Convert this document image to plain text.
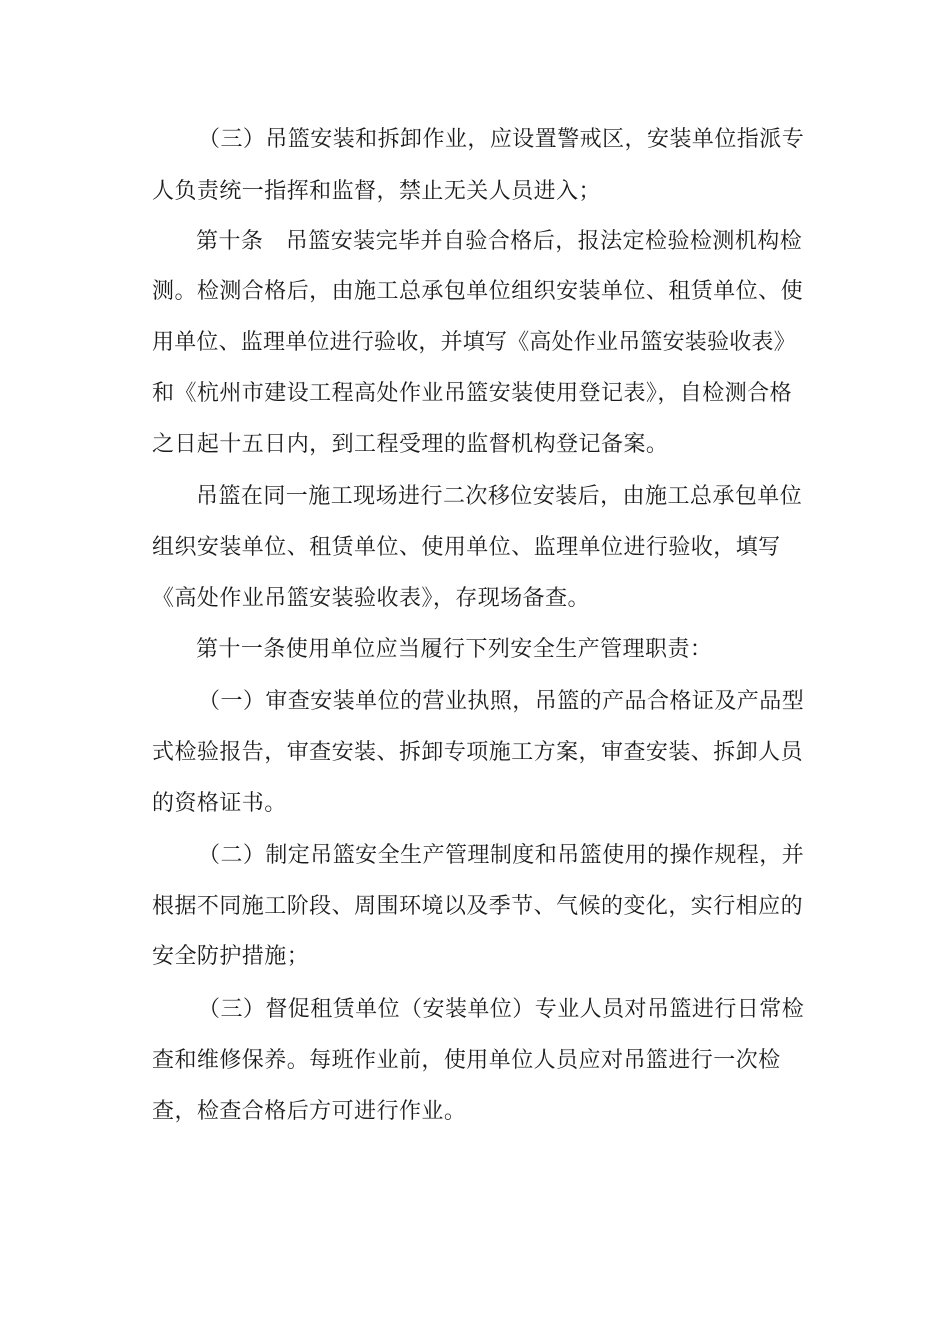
（三）吊篮安装和拆卸作业，应设置警戒区，安装单位指派专
人负责统一指挥和监督，禁止无关人员进入；
第十条　吊篮安装完毕并自验合格后，报法定检验检测机构检
测。检测合格后，由施工总承包单位组织安装单位、租赁单位、使
用单位、监理单位进行验收，并填写《高处作业吊篮安装验收表》
和《杭州市建设工程高处作业吊篮安装使用登记表》，自检测合格
之日起十五日内，到工程受理的监督机构登记备案。
吊篮在同一施工现场进行二次移位安装后，由施工总承包单位
组织安装单位、租赁单位、使用单位、监理单位进行验收，填写
《高处作业吊篮安装验收表》，存现场备查。
第十一条使用单位应当履行下列安全生产管理职责：
（一）审查安装单位的营业执照，吊篮的产品合格证及产品型
式检验报告，审查安装、拆卸专项施工方案，审查安装、拆卸人员
的资格证书。
（二）制定吊篮安全生产管理制度和吊篮使用的操作规程，并
根据不同施工阶段、周围环境以及季节、气候的变化，实行相应的
安全防护措施；
（三）督促租赁单位（安装单位）专业人员对吊篮进行日常检
查和维修保养。每班作业前，使用单位人员应对吊篮进行一次检
查，检查合格后方可进行作业。
